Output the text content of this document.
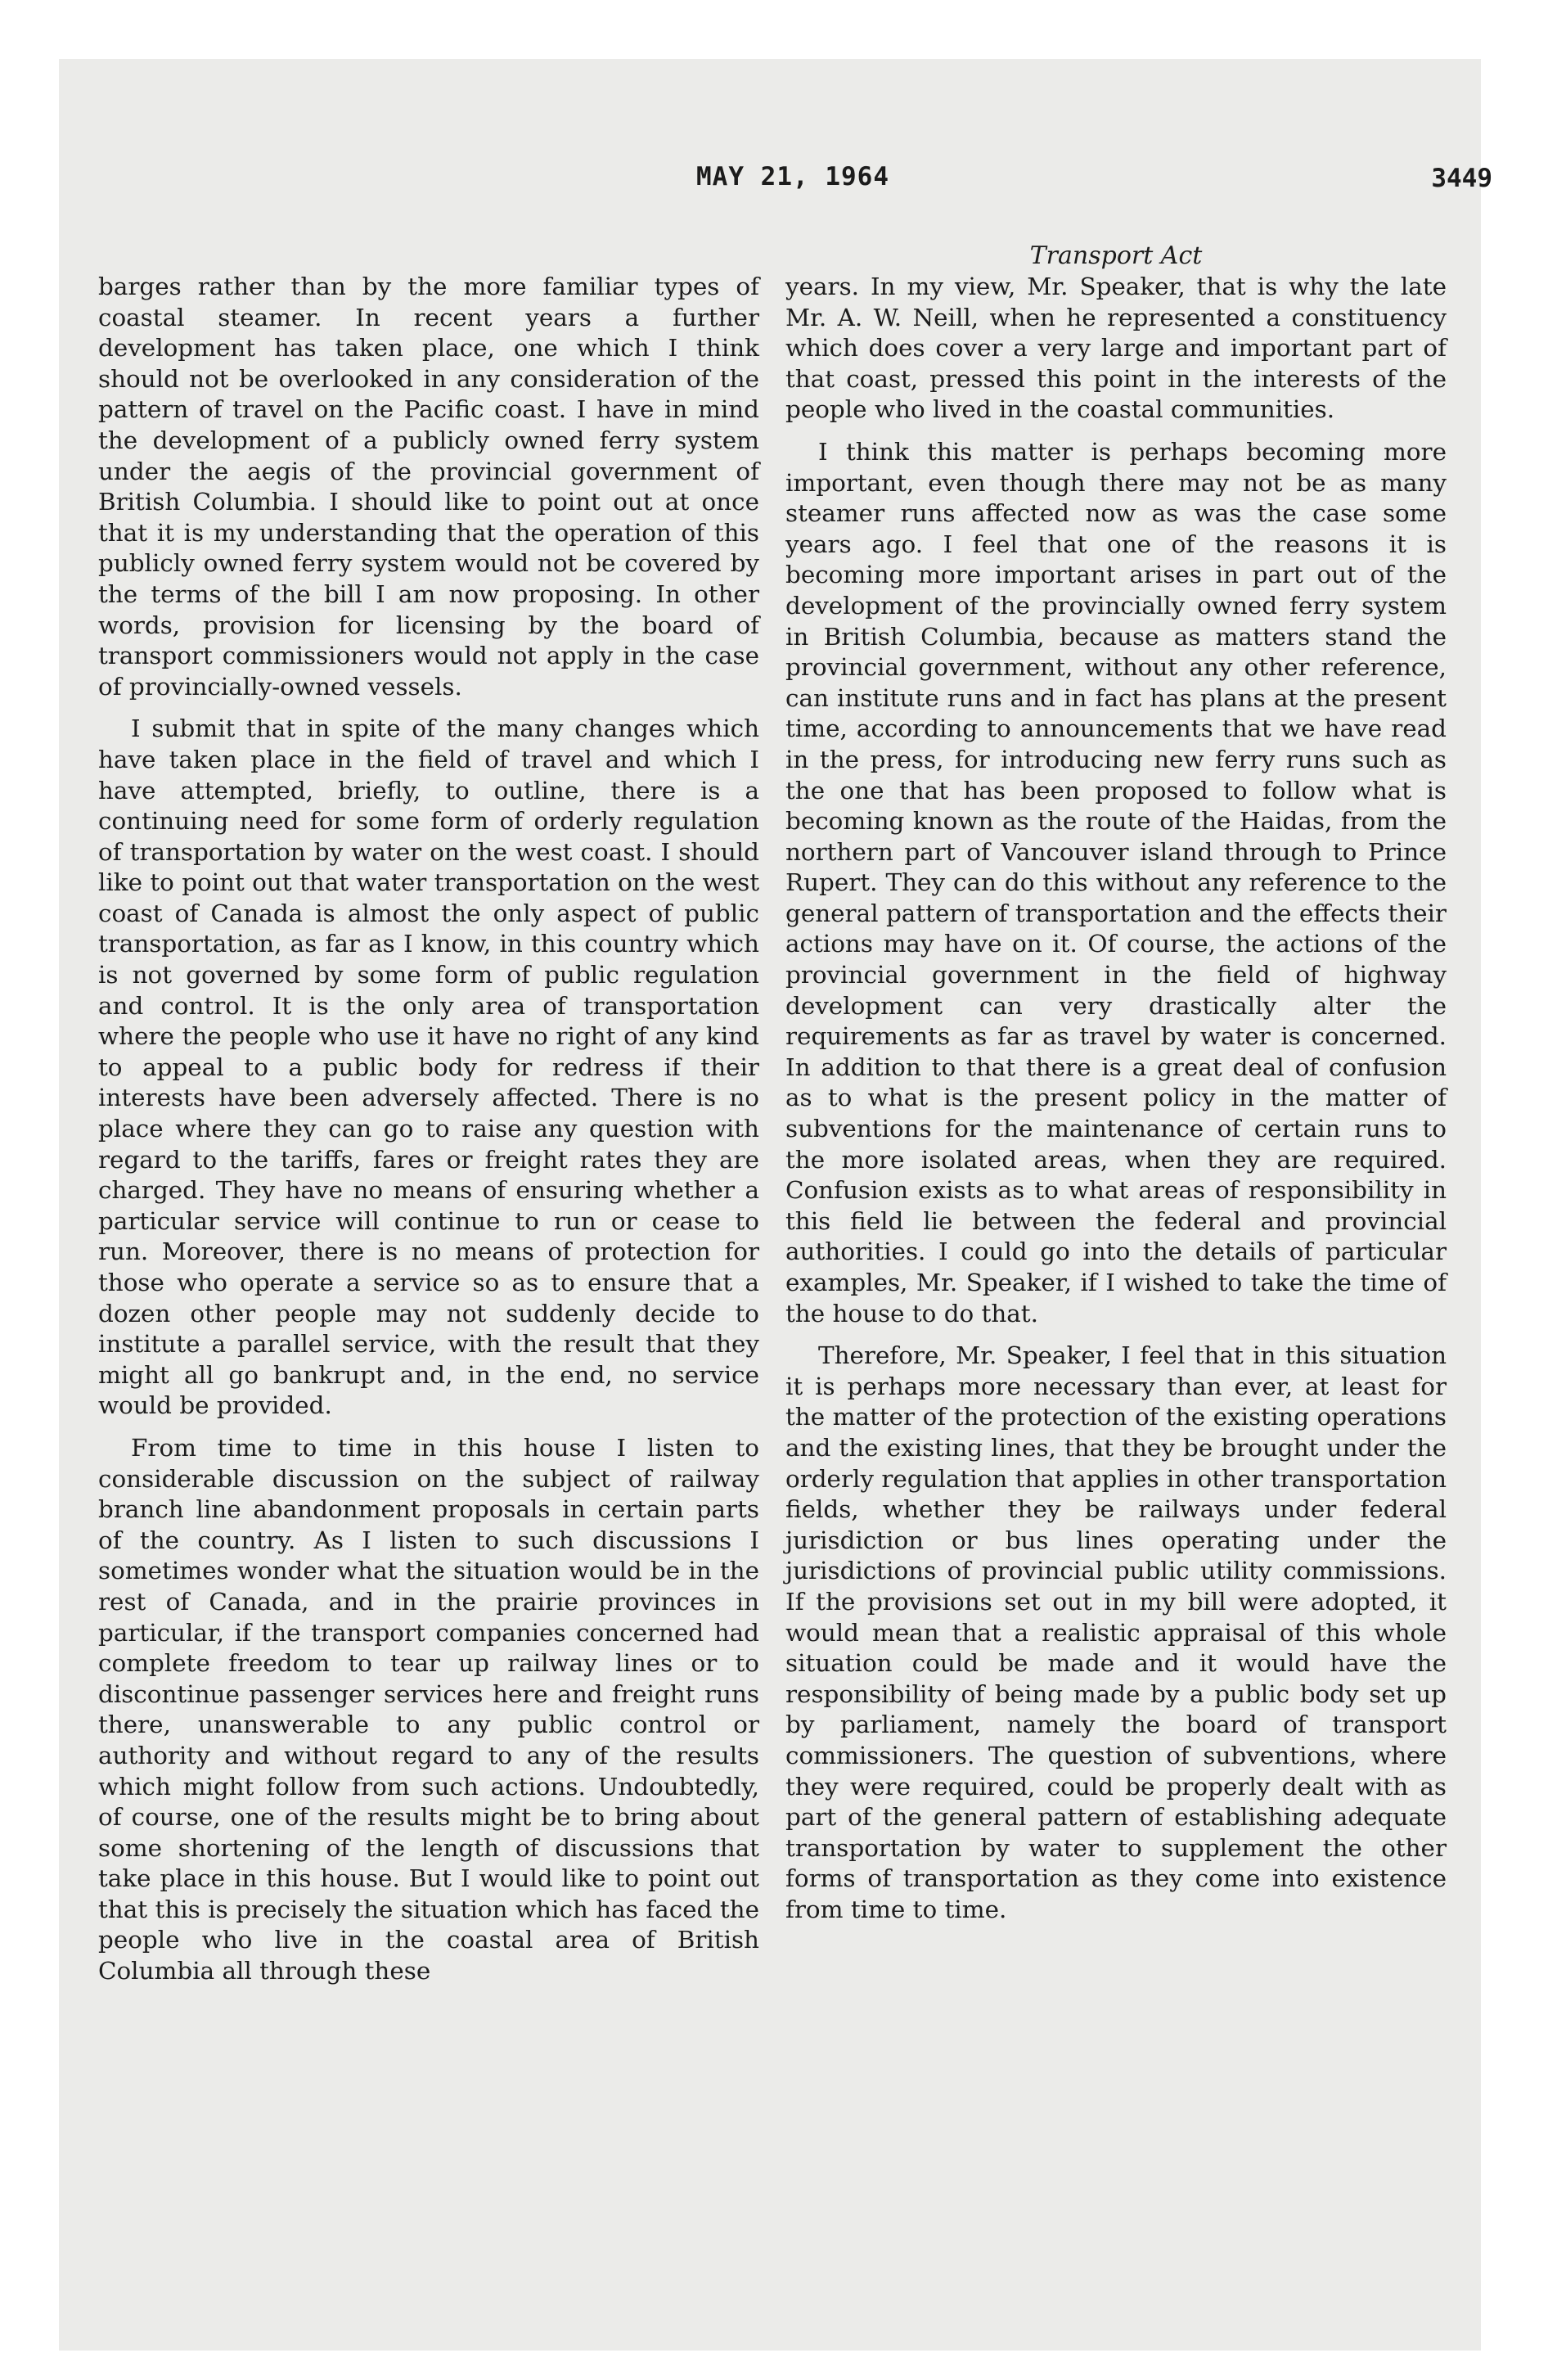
MAY 21, 1964	3449

barges rather than by the more familiar types of coastal steamer. In recent years a further development has taken place, one which I think should not be overlooked in any consideration of the pattern of travel on the Pacific coast. I have in mind the development of a publicly owned ferry system under the aegis of the provincial government of British Columbia. I should like to point out at once that it is my understanding that the operation of this publicly owned ferry system would not be covered by the terms of the bill I am now proposing. In other words, provision for licensing by the board of transport commissioners would not apply in the case of provincially-owned vessels.

I submit that in spite of the many changes which have taken place in the field of travel and which I have attempted, briefly, to outline, there is a continuing need for some form of orderly regulation of transportation by water on the west coast. I should like to point out that water transportation on the west coast of Canada is almost the only aspect of public transportation, as far as I know, in this country which is not governed by some form of public regulation and control. It is the only area of transportation where the people who use it have no right of any kind to appeal to a public body for redress if their interests have been adversely affected. There is no place where they can go to raise any question with regard to the tariffs, fares or freight rates they are charged. They have no means of ensuring whether a particular service will continue to run or cease to run. Moreover, there is no means of protection for those who operate a service so as to ensure that a dozen other people may not suddenly decide to institute a parallel service, with the result that they might all go bankrupt and, in the end, no service would be provided.

From time to time in this house I listen to considerable discussion on the subject of railway branch line abandonment proposals in certain parts of the country. As I listen to such discussions I sometimes wonder what the situation would be in the rest of Canada, and in the prairie provinces in particular, if the transport companies concerned had complete freedom to tear up railway lines or to discontinue passenger services here and freight runs there, unanswerable to any public control or authority and without regard to any of the results which might follow from such actions. Undoubtedly, of course, one of the results might be to bring about some shortening of the length of discussions that take place in this house. But I would like to point out that this is precisely the situation which has faced the people who live in the coastal area of British Columbia all through these

Transport Act

years. In my view, Mr. Speaker, that is why the late Mr. A. W. Neill, when he represented a constituency which does cover a very large and important part of that coast, pressed this point in the interests of the people who lived in the coastal communities.

I think this matter is perhaps becoming more important, even though there may not be as many steamer runs affected now as was the case some years ago. I feel that one of the reasons it is becoming more important arises in part out of the development of the provincially owned ferry system in British Columbia, because as matters stand the provincial government, without any other reference, can institute runs and in fact has plans at the present time, according to announcements that we have read in the press, for introducing new ferry runs such as the one that has been proposed to follow what is becoming known as the route of the Haidas, from the northern part of Vancouver island through to Prince Rupert. They can do this without any reference to the general pattern of transportation and the effects their actions may have on it. Of course, the actions of the provincial government in the field of highway development can very drastically alter the requirements as far as travel by water is concerned. In addition to that there is a great deal of confusion as to what is the present policy in the matter of subventions for the maintenance of certain runs to the more isolated areas, when they are required. Confusion exists as to what areas of responsibility in this field lie between the federal and provincial authorities. I could go into the details of particular examples, Mr. Speaker, if I wished to take the time of the house to do that.

Therefore, Mr. Speaker, I feel that in this situation it is perhaps more necessary than ever, at least for the matter of the protection of the existing operations and the existing lines, that they be brought under the orderly regulation that applies in other transportation fields, whether they be railways under federal jurisdiction or bus lines operating under the jurisdictions of provincial public utility commissions. If the provisions set out in my bill were adopted, it would mean that a realistic appraisal of this whole situation could be made and it would have the responsibility of being made by a public body set up by parliament, namely the board of transport commissioners. The question of subventions, where they were required, could be properly dealt with as part of the general pattern of establishing adequate transportation by water to supplement the other forms of transportation as they come into existence from time to time.
